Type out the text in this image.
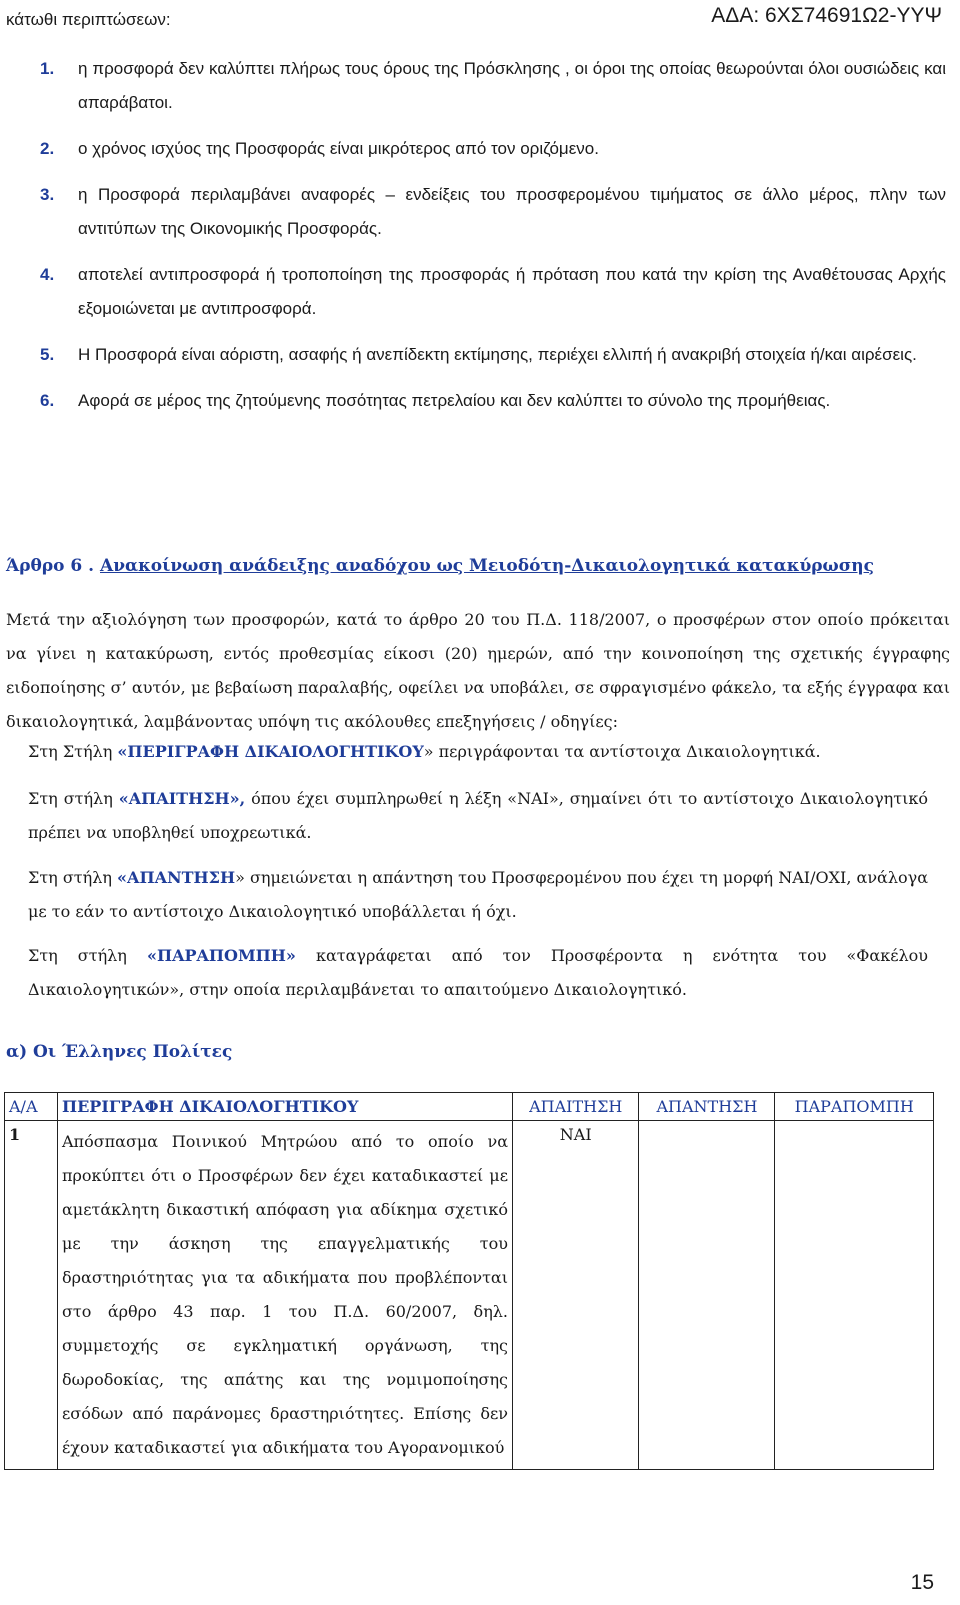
κάτωθι περιπτώσεων:	ΑΔΑ: 6ΧΣ74691Ω2-ΥΥΨ
1. η προσφορά δεν καλύπτει πλήρως τους όρους της Πρόσκλησης , οι όροι της οποίας θεωρούνται όλοι ουσιώδεις και απαράβατοι.
2. ο χρόνος ισχύος της Προσφοράς είναι μικρότερος από τον οριζόμενο.
3. η Προσφορά περιλαμβάνει αναφορές – ενδείξεις του προσφερομένου τιμήματος σε άλλο μέρος, πλην των αντιτύπων της Οικονομικής Προσφοράς.
4. αποτελεί αντιπροσφορά ή τροποποίηση της προσφοράς ή πρόταση που κατά την κρίση της Αναθέτουσας Αρχής εξομοιώνεται με αντιπροσφορά.
5. Η Προσφορά είναι αόριστη, ασαφής ή ανεπίδεκτη εκτίμησης, περιέχει ελλιπή ή ανακριβή στοιχεία ή/και αιρέσεις.
6. Αφορά σε μέρος της ζητούμενης ποσότητας πετρελαίου και δεν καλύπτει το σύνολο της προμήθειας.
Άρθρο 6 . Ανακοίνωση ανάδειξης αναδόχου ως Μειοδότη-Δικαιολογητικά κατακύρωσης
Μετά την αξιολόγηση των προσφορών, κατά το άρθρο 20 του Π.Δ. 118/2007, ο προσφέρων στον οποίο πρόκειται να γίνει η κατακύρωση, εντός προθεσμίας είκοσι (20) ημερών, από την κοινοποίηση της σχετικής έγγραφης ειδοποίησης σ’ αυτόν, με βεβαίωση παραλαβής, οφείλει να υποβάλει, σε σφραγισμένο φάκελο, τα εξής έγγραφα και δικαιολογητικά, λαμβάνοντας υπόψη τις ακόλουθες επεξηγήσεις / οδηγίες:
Στη Στήλη «ΠΕΡΙΓΡΑΦΗ ΔΙΚΑΙΟΛΟΓΗΤΙΚΟΥ» περιγράφονται τα αντίστοιχα Δικαιολογητικά.
Στη στήλη «ΑΠΑΙΤΗΣΗ», όπου έχει συμπληρωθεί η λέξη «ΝΑΙ», σημαίνει ότι το αντίστοιχο Δικαιολογητικό πρέπει να υποβληθεί υποχρεωτικά.
Στη στήλη «ΑΠΑΝΤΗΣΗ» σημειώνεται η απάντηση του Προσφερομένου που έχει τη μορφή ΝΑΙ/ΟΧΙ, ανάλογα με το εάν το αντίστοιχο Δικαιολογητικό υποβάλλεται ή όχι.
Στη στήλη «ΠΑΡΑΠΟΜΠΗ» καταγράφεται από τον Προσφέροντα η ενότητα του «Φακέλου Δικαιολογητικών», στην οποία περιλαμβάνεται το απαιτούμενο Δικαιολογητικό.
α) Οι Έλληνες Πολίτες
Α/Α	ΠΕΡΙΓΡΑΦΗ ΔΙΚΑΙΟΛΟΓΗΤΙΚΟΥ	ΑΠΑΙΤΗΣΗ	ΑΠΑΝΤΗΣΗ	ΠΑΡΑΠΟΜΠΗ
1	Απόσπασμα Ποινικού Μητρώου από το οποίο να προκύπτει ότι ο Προσφέρων δεν έχει καταδικαστεί με αμετάκλητη δικαστική απόφαση για αδίκημα σχετικό με την άσκηση της επαγγελματικής του δραστηριότητας για τα αδικήματα που προβλέπονται στο άρθρο 43 παρ. 1 του Π.Δ. 60/2007, δηλ. συμμετοχής σε εγκληματική οργάνωση, της δωροδοκίας, της απάτης και της νομιμοποίησης εσόδων από παράνομες δραστηριότητες. Επίσης δεν έχουν καταδικαστεί για αδικήματα του Αγορανομικού	ΝΑΙ		
15
